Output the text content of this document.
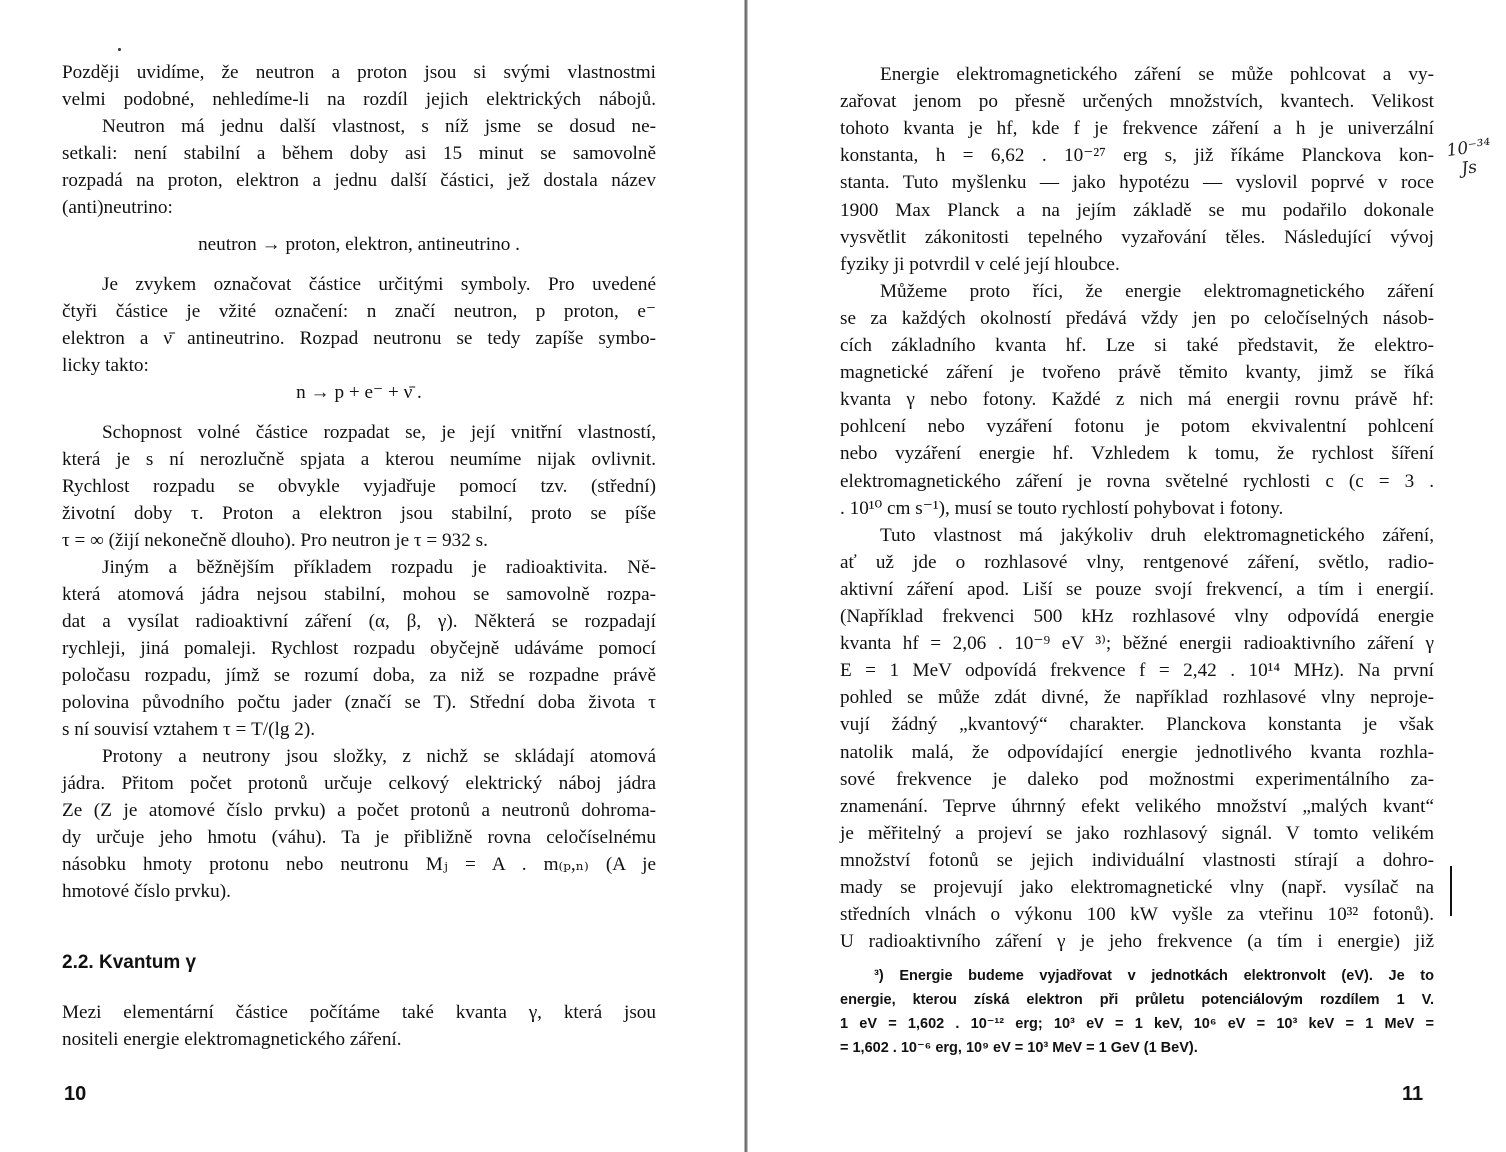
Později uvidíme, že neutron a proton jsou si svými vlastnostmi
velmi podobné, nehledíme-li na rozdíl jejich elektrických nábojů.
Neutron má jednu další vlastnost, s níž jsme se dosud ne-
setkali: není stabilní a během doby asi 15 minut se samovolně
rozpadá na proton, elektron a jednu další částici, jež dostala název
(anti)neutrino:
neutron → proton, elektron, antineutrino .
Je zvykem označovat částice určitými symboly. Pro uvedené
čtyři částice je vžité označení: n značí neutron, p proton, e⁻
elektron a ν̄ antineutrino. Rozpad neutronu se tedy zapíše symbo-
licky takto:
n → p + e⁻ + ν̄ .
Schopnost volné částice rozpadat se, je její vnitřní vlastností,
která je s ní nerozlučně spjata a kterou neumíme nijak ovlivnit.
Rychlost rozpadu se obvykle vyjadřuje pomocí tzv. (střední)
životní doby τ. Proton a elektron jsou stabilní, proto se píše
τ = ∞ (žijí nekonečně dlouho). Pro neutron je τ = 932 s.
Jiným a běžnějším příkladem rozpadu je radioaktivita. Ně-
která atomová jádra nejsou stabilní, mohou se samovolně rozpa-
dat a vysílat radioaktivní záření (α, β, γ). Některá se rozpadají
rychleji, jiná pomaleji. Rychlost rozpadu obyčejně udáváme pomocí
poločasu rozpadu, jímž se rozumí doba, za niž se rozpadne právě
polovina původního počtu jader (značí se T). Střední doba života τ
s ní souvisí vztahem τ = T/(lg 2).
Protony a neutrony jsou složky, z nichž se skládají atomová
jádra. Přitom počet protonů určuje celkový elektrický náboj jádra
Ze (Z je atomové číslo prvku) a počet protonů a neutronů dohroma-
dy určuje jeho hmotu (váhu). Ta je přibližně rovna celočíselnému
násobku hmoty protonu nebo neutronu Mⱼ = A . m₍ₚ,ₙ₎ (A je
hmotové číslo prvku).
2.2. Kvantum γ
Mezi elementární částice počítáme také kvanta γ, která jsou
nositeli energie elektromagnetického záření.
10
Energie elektromagnetického záření se může pohlcovat a vy-
zařovat jenom po přesně určených množstvích, kvantech. Velikost
tohoto kvanta je hf, kde f je frekvence záření a h je univerzální
konstanta, h = 6,62 . 10⁻²⁷ erg s, již říkáme Planckova kon-
stanta. Tuto myšlenku — jako hypotézu — vyslovil poprvé v roce
1900 Max Planck a na jejím základě se mu podařilo dokonale
vysvětlit zákonitosti tepelného vyzařování těles. Následující vývoj
fyziky ji potvrdil v celé její hloubce.
Můžeme proto říci, že energie elektromagnetického záření
se za každých okolností předává vždy jen po celočíselných násob-
cích základního kvanta hf. Lze si také představit, že elektro-
magnetické záření je tvořeno právě těmito kvanty, jimž se říká
kvanta γ nebo fotony. Každé z nich má energii rovnu právě hf:
pohlcení nebo vyzáření fotonu je potom ekvivalentní pohlcení
nebo vyzáření energie hf. Vzhledem k tomu, že rychlost šíření
elektromagnetického záření je rovna světelné rychlosti c (c = 3 .
. 10¹⁰ cm s⁻¹), musí se touto rychlostí pohybovat i fotony.
Tuto vlastnost má jakýkoliv druh elektromagnetického záření,
ať už jde o rozhlasové vlny, rentgenové záření, světlo, radio-
aktivní záření apod. Liší se pouze svojí frekvencí, a tím i energií.
(Například frekvenci 500 kHz rozhlasové vlny odpovídá energie
kvanta hf = 2,06 . 10⁻⁹ eV ³⁾; běžné energii radioaktivního záření γ
E = 1 MeV odpovídá frekvence f = 2,42 . 10¹⁴ MHz). Na první
pohled se může zdát divné, že například rozhlasové vlny neproje-
vují žádný „kvantový“ charakter. Planckova konstanta je však
natolik malá, že odpovídající energie jednotlivého kvanta rozhla-
sové frekvence je daleko pod možnostmi experimentálního za-
znamenání. Teprve úhrnný efekt velikého množství „malých kvant“
je měřitelný a projeví se jako rozhlasový signál. V tomto velikém
množství fotonů se jejich individuální vlastnosti stírají a dohro-
mady se projevují jako elektromagnetické vlny (např. vysílač na
středních vlnách o výkonu 100 kW vyšle za vteřinu 10³² fotonů).
U radioaktivního záření γ je jeho frekvence (a tím i energie) již
³) Energie budeme vyjadřovat v jednotkách elektronvolt (eV). Je to
energie, kterou získá elektron při průletu potenciálovým rozdílem 1 V.
1 eV = 1,602 . 10⁻¹² erg; 10³ eV = 1 keV, 10⁶ eV = 10³ keV = 1 MeV =
= 1,602 . 10⁻⁶ erg, 10⁹ eV = 10³ MeV = 1 GeV (1 BeV).
11
10⁻³⁴
Js
